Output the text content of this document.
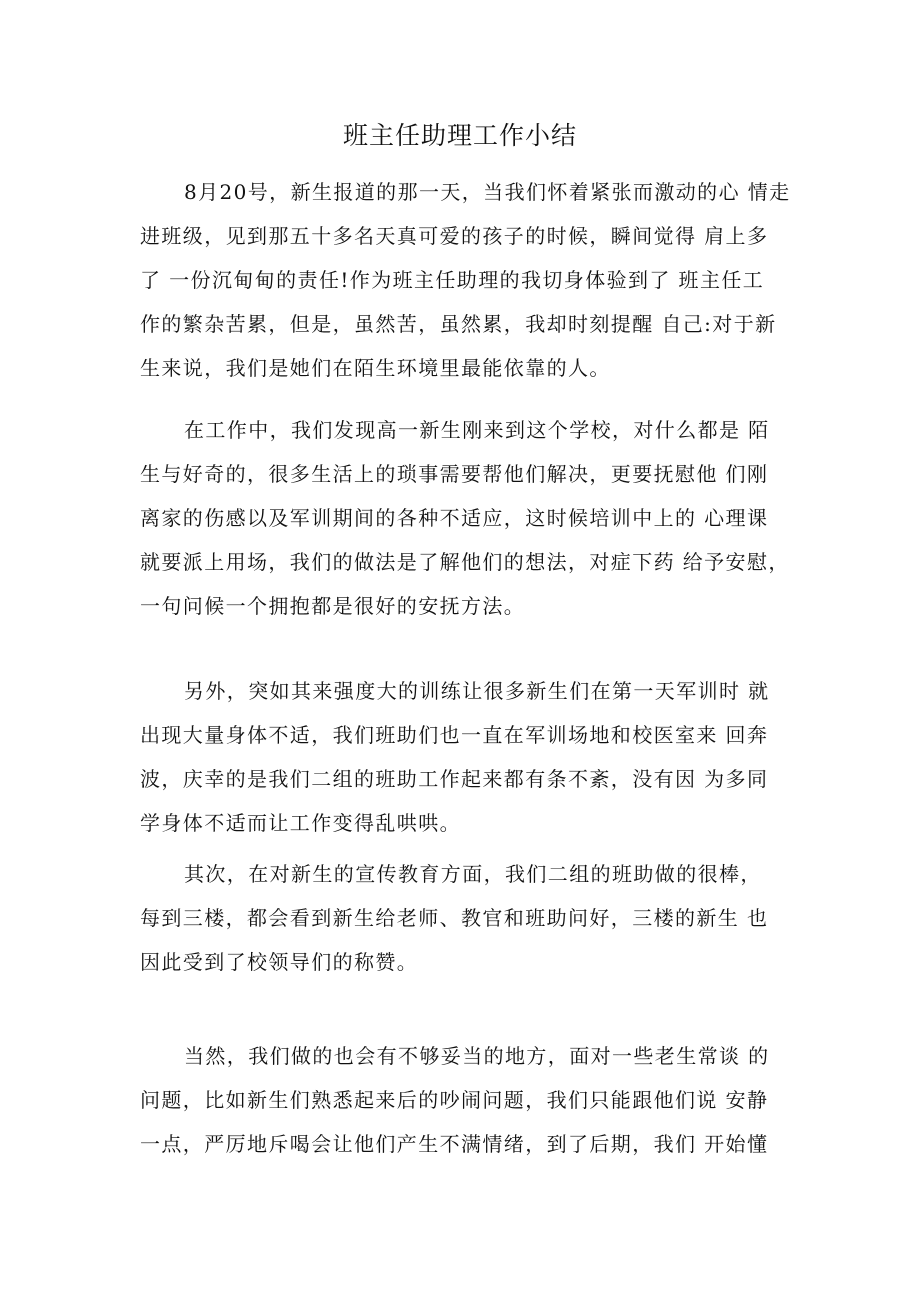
班主任助理工作小结
8月20号，新生报道的那一天，当我们怀着紧张而激动的心 情走
进班级，见到那五十多名天真可爱的孩子的时候，瞬间觉得 肩上多
了 一份沉甸甸的责任!作为班主任助理的我切身体验到了 班主任工
作的繁杂苦累，但是，虽然苦，虽然累，我却时刻提醒 自己:对于新
生来说，我们是她们在陌生环境里最能依靠的人。
在工作中，我们发现高一新生刚来到这个学校，对什么都是 陌
生与好奇的，很多生活上的琐事需要帮他们解决，更要抚慰他 们刚
离家的伤感以及军训期间的各种不适应，这时候培训中上的 心理课
就要派上用场，我们的做法是了解他们的想法，对症下药 给予安慰，
一句问候一个拥抱都是很好的安抚方法。
另外，突如其来强度大的训练让很多新生们在第一天军训时 就
出现大量身体不适，我们班助们也一直在军训场地和校医室来 回奔
波，庆幸的是我们二组的班助工作起来都有条不紊，没有因 为多同
学身体不适而让工作变得乱哄哄。
其次，在对新生的宣传教育方面，我们二组的班助做的很棒，
每到三楼，都会看到新生给老师、教官和班助问好，三楼的新生 也
因此受到了校领导们的称赞。
当然，我们做的也会有不够妥当的地方，面对一些老生常谈 的
问题，比如新生们熟悉起来后的吵闹问题，我们只能跟他们说 安静
一点，严厉地斥喝会让他们产生不满情绪，到了后期，我们 开始懂
